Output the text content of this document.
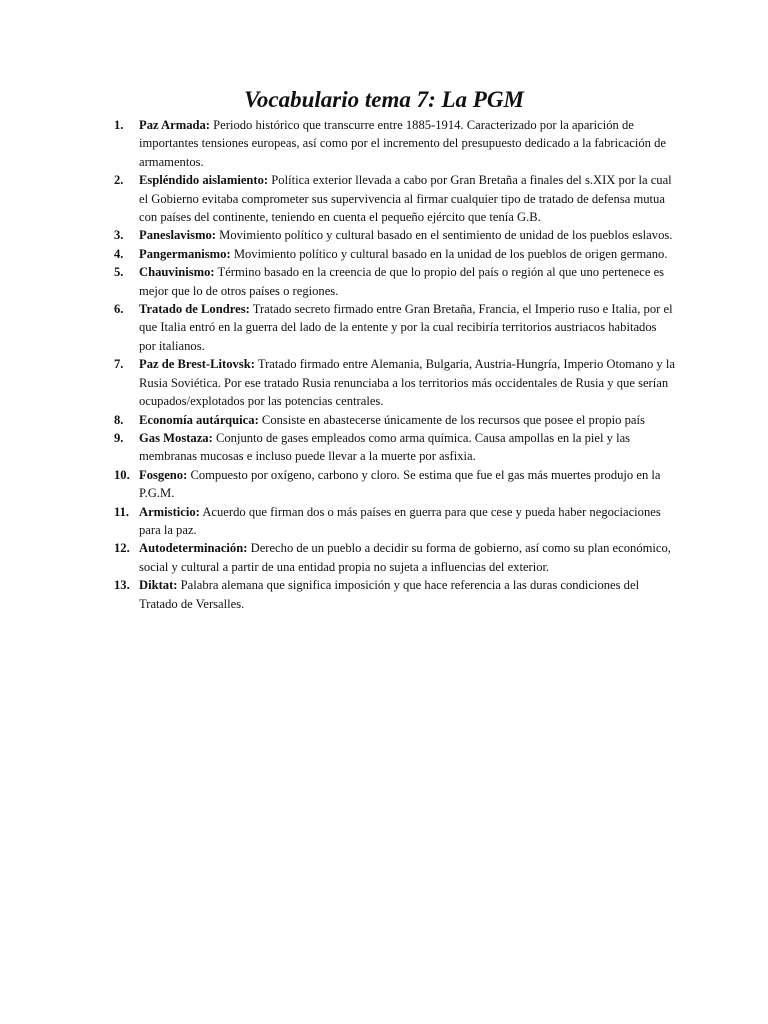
Vocabulario tema 7: La PGM
1. Paz Armada: Periodo histórico que transcurre entre 1885-1914. Caracterizado por la aparición de importantes tensiones europeas, así como por el incremento del presupuesto dedicado a la fabricación de armamentos.
2. Espléndido aislamiento: Política exterior llevada a cabo por Gran Bretaña a finales del s.XIX por la cual el Gobierno evitaba comprometer sus supervivencia al firmar cualquier tipo de tratado de defensa mutua con países del continente, teniendo en cuenta el pequeño ejército que tenía G.B.
3. Paneslavismo: Movimiento político y cultural basado en el sentimiento de unidad de los pueblos eslavos.
4. Pangermanismo: Movimiento político y cultural basado en la unidad de los pueblos de origen germano.
5. Chauvinismo: Término basado en la creencia de que lo propio del país o región al que uno pertenece es mejor que lo de otros países o regiones.
6. Tratado de Londres: Tratado secreto firmado entre Gran Bretaña, Francia, el Imperio ruso e Italia, por el que Italia entró en la guerra del lado de la entente y por la cual recibiría territorios austriacos habitados por italianos.
7. Paz de Brest-Litovsk: Tratado firmado entre Alemania, Bulgaria, Austria-Hungría, Imperio Otomano y la Rusia Soviética. Por ese tratado Rusia renunciaba a los territorios más occidentales de Rusia y que serían ocupados/explotados por las potencias centrales.
8. Economía autárquica: Consiste en abastecerse únicamente de los recursos que posee el propio país
9. Gas Mostaza: Conjunto de gases empleados como arma química. Causa ampollas en la piel y las membranas mucosas e incluso puede llevar a la muerte por asfixia.
10. Fosgeno: Compuesto por oxígeno, carbono y cloro. Se estima que fue el gas más muertes produjo en la P.G.M.
11. Armisticio: Acuerdo que firman dos o más países en guerra para que cese y pueda haber negociaciones para la paz.
12. Autodeterminación: Derecho de un pueblo a decidir su forma de gobierno, así como su plan económico, social y cultural a partir de una entidad propia no sujeta a influencias del exterior.
13. Diktat: Palabra alemana que significa imposición y que hace referencia a las duras condiciones del Tratado de Versalles.
